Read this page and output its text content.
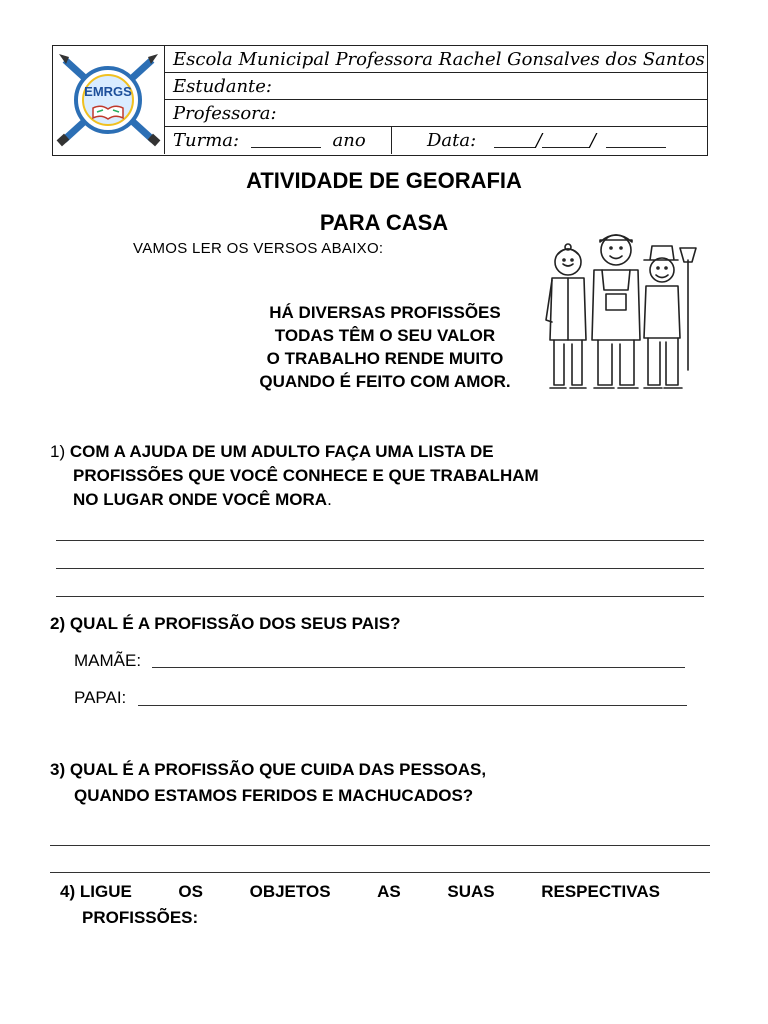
EMRGS
Escola Municipal Professora Rachel Gonsalves dos Santos
Estudante:
Professora:
Turma:	ano	Data:	/	/
ATIVIDADE DE GEORAFIA
PARA CASA
VAMOS LER OS VERSOS ABAIXO:
HÁ DIVERSAS PROFISSÕES
TODAS TÊM O SEU VALOR
O TRABALHO RENDE MUITO
QUANDO É FEITO COM AMOR.
1) COM A AJUDA DE UM ADULTO FAÇA UMA LISTA DE
PROFISSÕES QUE VOCÊ CONHECE E QUE TRABALHAM
NO LUGAR ONDE VOCÊ MORA.
2) QUAL É A PROFISSÃO DOS SEUS PAIS?
MAMÃE:
PAPAI:
3) QUAL É A PROFISSÃO QUE CUIDA DAS PESSOAS,
QUANDO ESTAMOS FERIDOS E MACHUCADOS?
4) LIGUE	OS	OBJETOS	AS	SUAS	RESPECTIVAS
PROFISSÕES:
